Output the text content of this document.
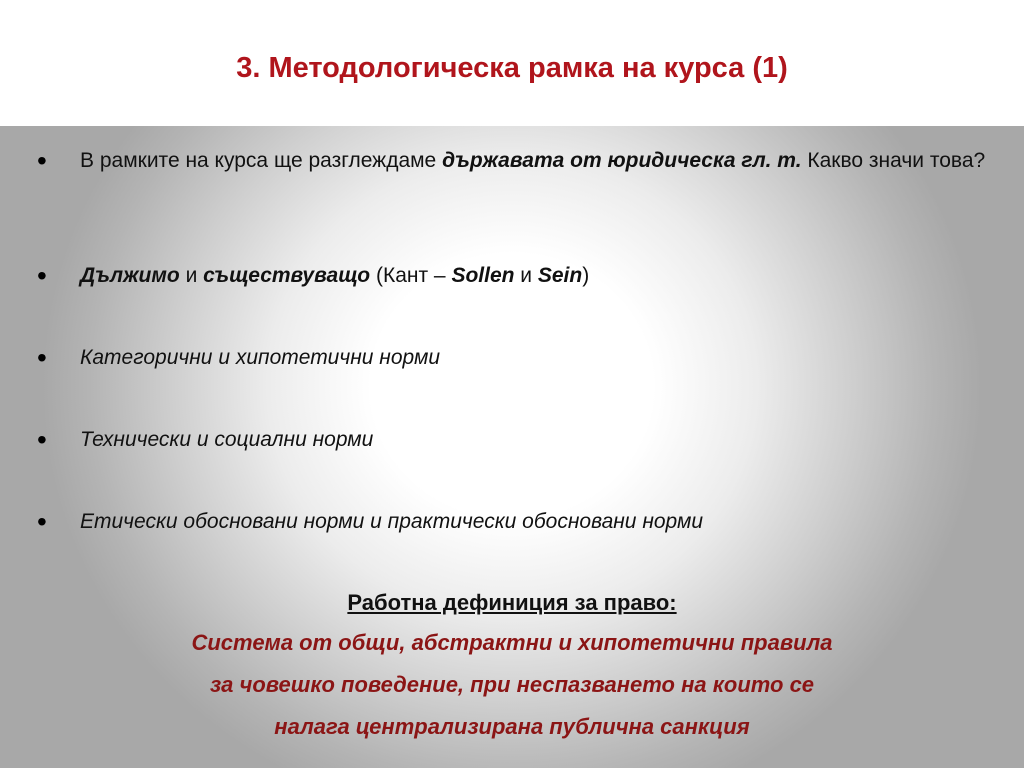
3. Методологическа рамка на курса (1)
• В рамките на курса ще разглеждаме държавата от юридическа гл. т. Какво значи това?
• Дължимо и съществуващо (Кант – Sollen и Sein)
• Категорични и хипотетични норми
• Технически и социални норми
• Етически обосновани норми и практически обосновани норми
Работна дефиниция за право:
Система от общи, абстрактни и хипотетични правила
за човешко поведение, при неспазването на които се
налага централизирана публична санкция
